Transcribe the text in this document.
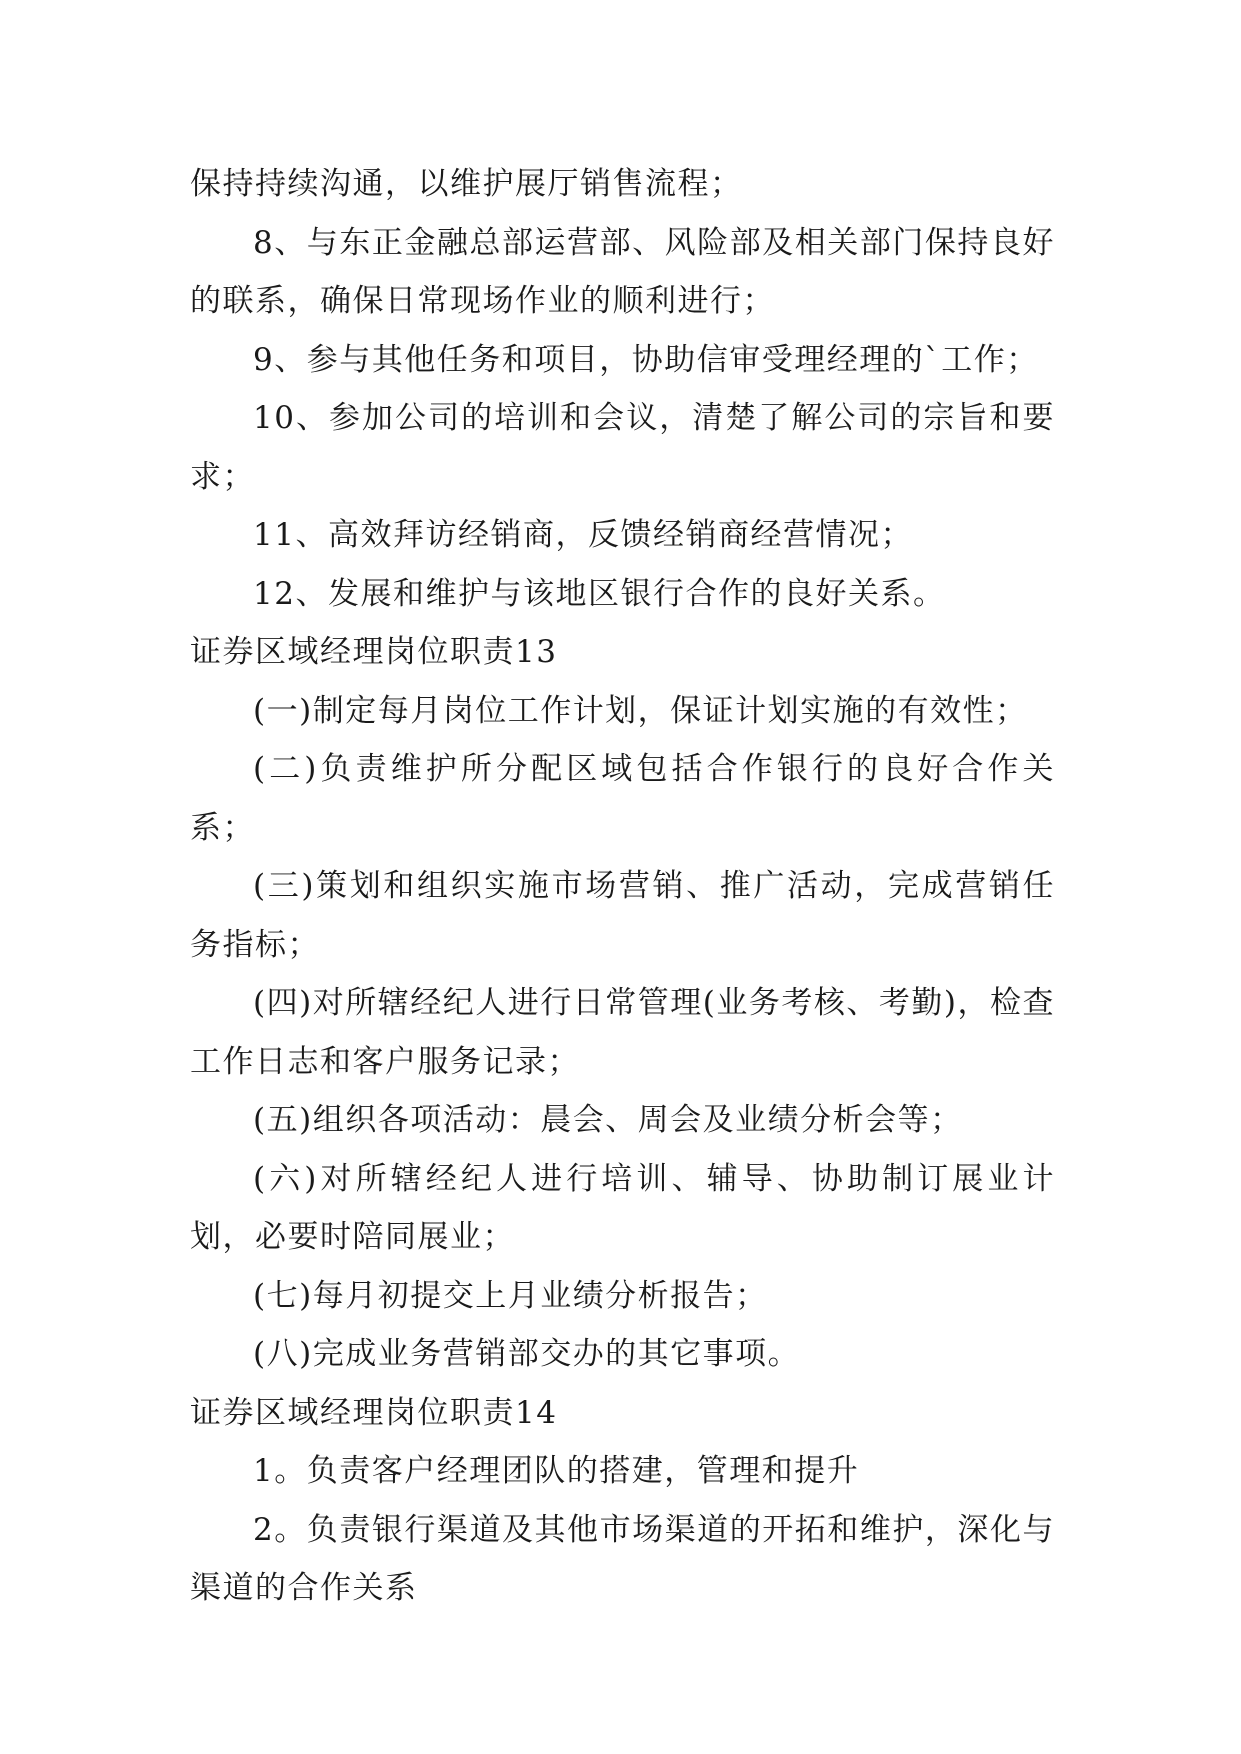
保持持续沟通，以维护展厅销售流程；

8、与东正金融总部运营部、风险部及相关部门保持良好的联系，确保日常现场作业的顺利进行；

9、参与其他任务和项目，协助信审受理经理的`工作；

10、参加公司的培训和会议，清楚了解公司的宗旨和要求；

11、高效拜访经销商，反馈经销商经营情况；

12、发展和维护与该地区银行合作的良好关系。

证券区域经理岗位职责13

(一)制定每月岗位工作计划，保证计划实施的有效性；

(二)负责维护所分配区域包括合作银行的良好合作关系；

(三)策划和组织实施市场营销、推广活动，完成营销任务指标；

(四)对所辖经纪人进行日常管理(业务考核、考勤)，检查工作日志和客户服务记录；

(五)组织各项活动：晨会、周会及业绩分析会等；

(六)对所辖经纪人进行培训、辅导、协助制订展业计划，必要时陪同展业；

(七)每月初提交上月业绩分析报告；

(八)完成业务营销部交办的其它事项。

证券区域经理岗位职责14

1。负责客户经理团队的搭建，管理和提升

2。负责银行渠道及其他市场渠道的开拓和维护，深化与渠道的合作关系
